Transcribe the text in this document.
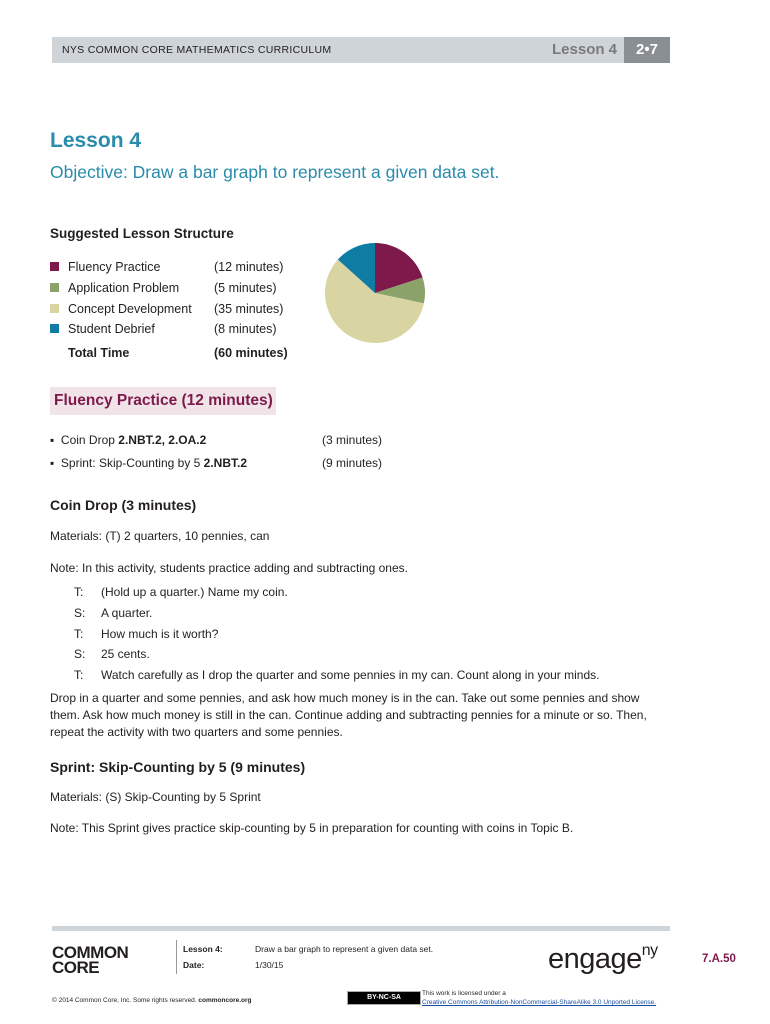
NYS COMMON CORE MATHEMATICS CURRICULUM	Lesson 4	2•7
Lesson 4
Objective: Draw a bar graph to represent a given data set.
Suggested Lesson Structure
Fluency Practice	(12 minutes)
Application Problem	(5 minutes)
Concept Development (35 minutes)
Student Debrief	(8 minutes)
Total Time	(60 minutes)
Fluency Practice (12 minutes)
▪  Coin Drop 2.NBT.2, 2.OA.2	(3 minutes)
▪  Sprint: Skip-Counting by 5 2.NBT.2	(9 minutes)
Coin Drop (3 minutes)
Materials: (T) 2 quarters, 10 pennies, can
Note: In this activity, students practice adding and subtracting ones.
T: (Hold up a quarter.) Name my coin.
S: A quarter.
T: How much is it worth?
S: 25 cents.
T: Watch carefully as I drop the quarter and some pennies in my can. Count along in your minds.
Drop in a quarter and some pennies, and ask how much money is in the can. Take out some pennies and show them. Ask how much money is still in the can. Continue adding and subtracting pennies for a minute or so. Then, repeat the activity with two quarters and some pennies.
Sprint: Skip-Counting by 5 (9 minutes)
Materials: (S) Skip-Counting by 5 Sprint
Note: This Sprint gives practice skip-counting by 5 in preparation for counting with coins in Topic B.
COMMON
CORE
Lesson 4:	Draw a bar graph to represent a given data set.
Date:	1/30/15	engage$^{ny}$	7.A.50
© 2014 Common Core, Inc. Some rights reserved. commoncore.org	BY-NC-SA
This work is licensed under a
Creative Commons Attribution-NonCommercial-ShareAlike 3.0 Unported License.
